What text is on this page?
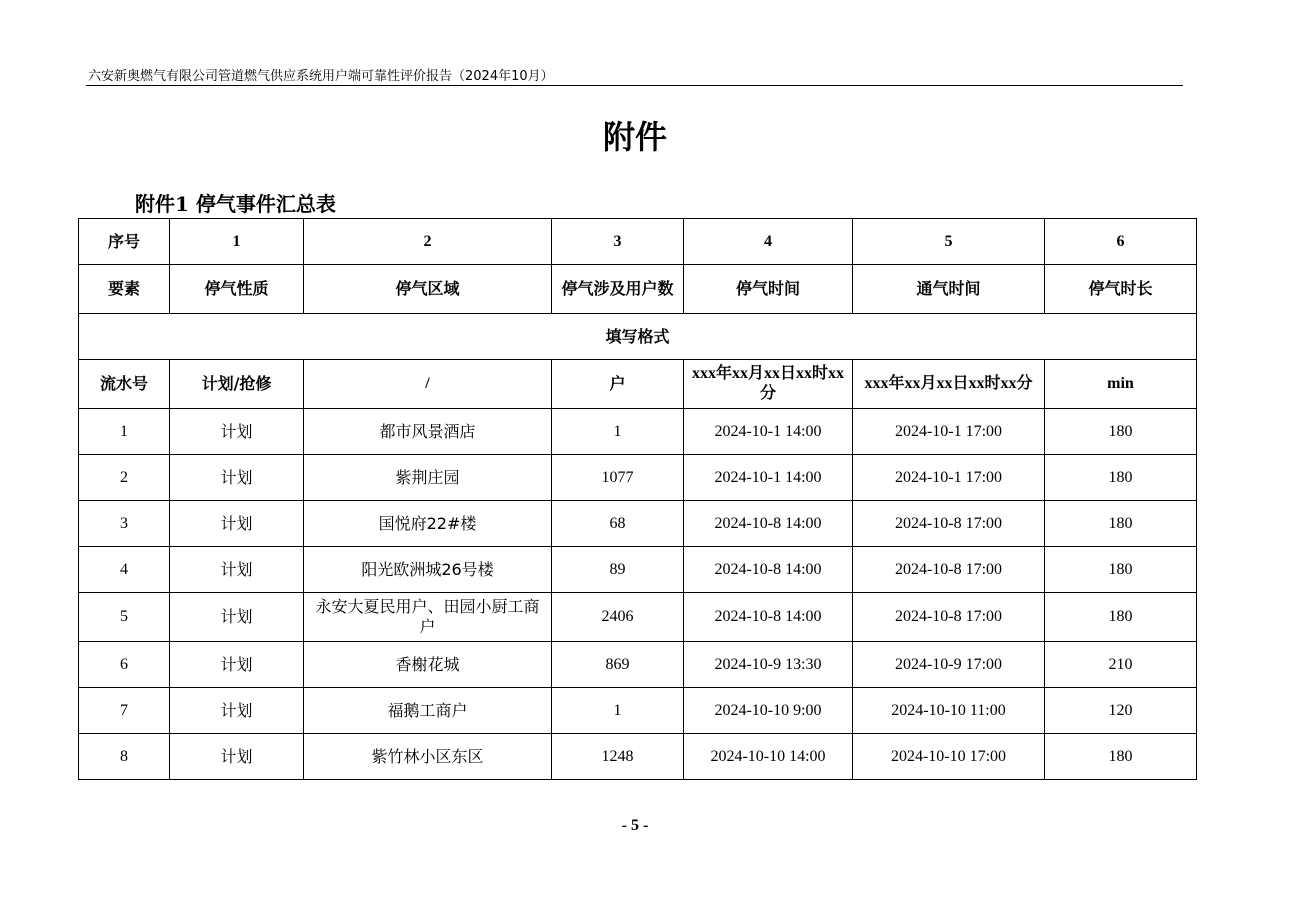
六安新奥燃气有限公司管道燃气供应系统用户端可靠性评价报告（2024年10月）
附件
附件1 停气事件汇总表
序号	1	2	3	4	5	6
要素	停气性质	停气区域	停气涉及用户数	停气时间	通气时间	停气时长
填写格式						
流水号	计划/抢修	/	户	xxx年xx月xx日xx时xx分	xxx年xx月xx日xx时xx分	min
1	计划	都市风景酒店	1	2024-10-1 14:00	2024-10-1 17:00	180
2	计划	紫荆庄园	1077	2024-10-1 14:00	2024-10-1 17:00	180
3	计划	国悦府22#楼	68	2024-10-8 14:00	2024-10-8 17:00	180
4	计划	阳光欧洲城26号楼	89	2024-10-8 14:00	2024-10-8 17:00	180
5	计划	永安大夏民用户、田园小厨工商户	2406	2024-10-8 14:00	2024-10-8 17:00	180
6	计划	香榭花城	869	2024-10-9 13:30	2024-10-9 17:00	210
7	计划	福鹅工商户	1	2024-10-10 9:00	2024-10-10 11:00	120
8	计划	紫竹林小区东区	1248	2024-10-10 14:00	2024-10-10 17:00	180
- 5 -
